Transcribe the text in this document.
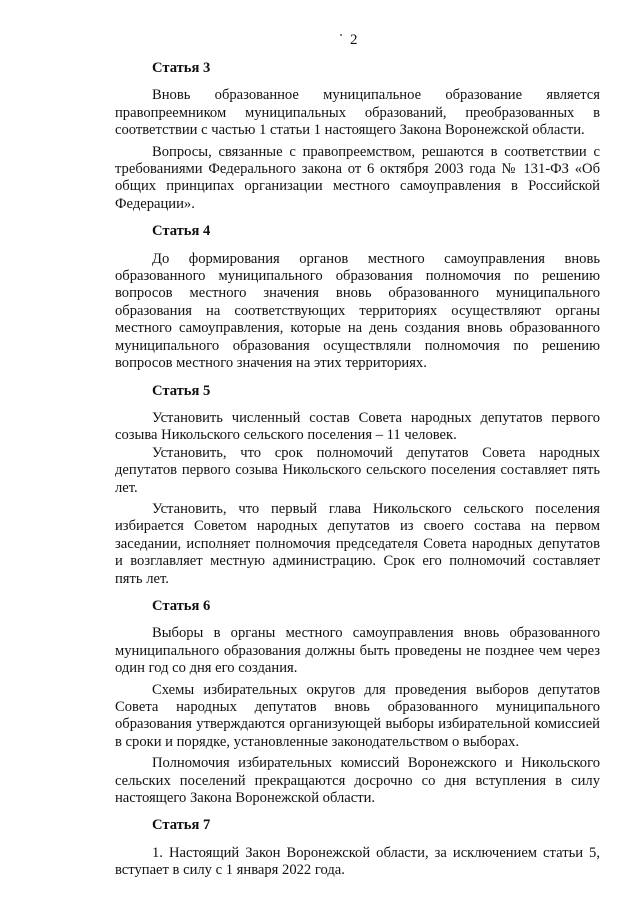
2
Статья 3

Вновь образованное муниципальное образование является правопреемником муниципальных образований, преобразованных в соответствии с частью 1 статьи 1 настоящего Закона Воронежской области.

Вопросы, связанные с правопреемством, решаются в соответствии с требованиями Федерального закона от 6 октября 2003 года № 131-ФЗ «Об общих принципах организации местного самоуправления в Российской Федерации».

Статья 4

До формирования органов местного самоуправления вновь образованного муниципального образования полномочия по решению вопросов местного значения вновь образованного муниципального образования на соответствующих территориях осуществляют органы местного самоуправления, которые на день создания вновь образованного муниципального образования осуществляли полномочия по решению вопросов местного значения на этих территориях.

Статья 5

Установить численный состав Совета народных депутатов первого созыва Никольского сельского поселения – 11 человек.

Установить, что срок полномочий депутатов Совета народных депутатов первого созыва Никольского сельского поселения составляет пять лет.

Установить, что первый глава Никольского сельского поселения избирается Советом народных депутатов из своего состава на первом заседании, исполняет полномочия председателя Совета народных депутатов и возглавляет местную администрацию. Срок его полномочий составляет пять лет.

Статья 6

Выборы в органы местного самоуправления вновь образованного муниципального образования должны быть проведены не позднее чем через один год со дня его создания.

Схемы избирательных округов для проведения выборов депутатов Совета народных депутатов вновь образованного муниципального образования утверждаются организующей выборы избирательной комиссией в сроки и порядке, установленные законодательством о выборах.

Полномочия избирательных комиссий Воронежского и Никольского сельских поселений прекращаются досрочно со дня вступления в силу настоящего Закона Воронежской области.

Статья 7

1. Настоящий Закон Воронежской области, за исключением статьи 5, вступает в силу с 1 января 2022 года.
